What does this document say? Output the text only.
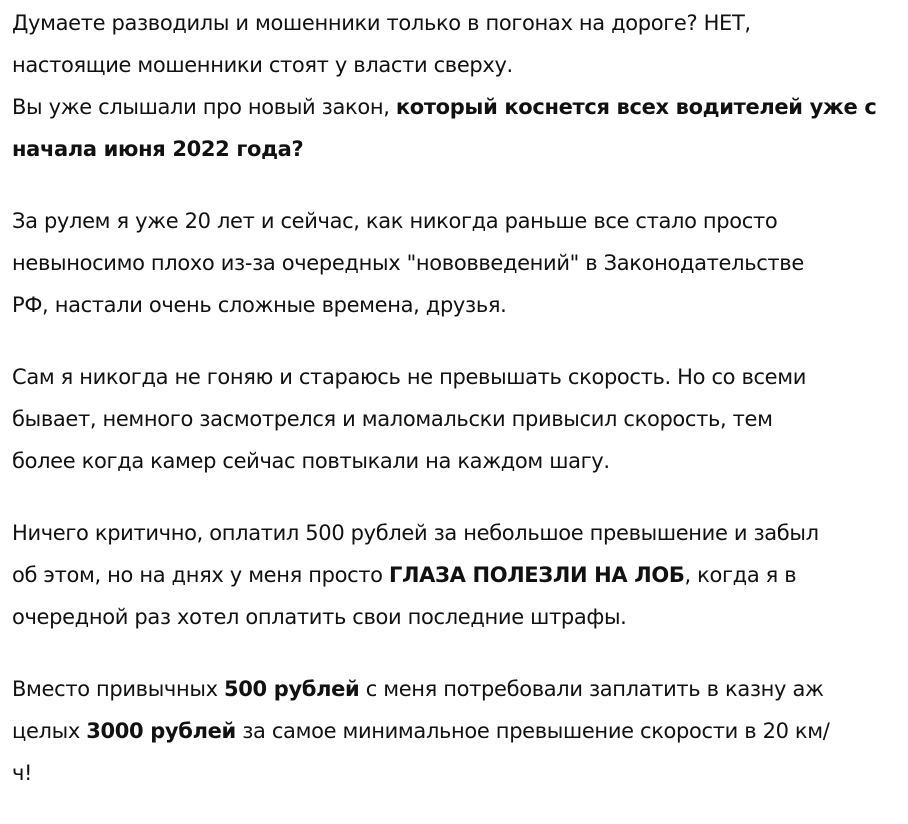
Думаете разводилы и мошенники только в погонах на дороге? НЕТ,
настоящие мошенники стоят у власти сверху.
Вы уже слышали про новый закон, который коснется всех водителей уже с
начала июня 2022 года?

За рулем я уже 20 лет и сейчас, как никогда раньше все стало просто
невыносимо плохо из-за очередных "нововведений" в Законодательстве
РФ, настали очень сложные времена, друзья.

Сам я никогда не гоняю и стараюсь не превышать скорость. Но со всеми
бывает, немного засмотрелся и маломальски привысил скорость, тем
более когда камер сейчас повтыкали на каждом шагу.

Ничего критично, оплатил 500 рублей за небольшое превышение и забыл
об этом, но на днях у меня просто ГЛАЗА ПОЛЕЗЛИ НА ЛОБ, когда я в
очередной раз хотел оплатить свои последние штрафы.

Вместо привычных 500 рублей с меня потребовали заплатить в казну аж
целых 3000 рублей за самое минимальное превышение скорости в 20 км/
ч!
